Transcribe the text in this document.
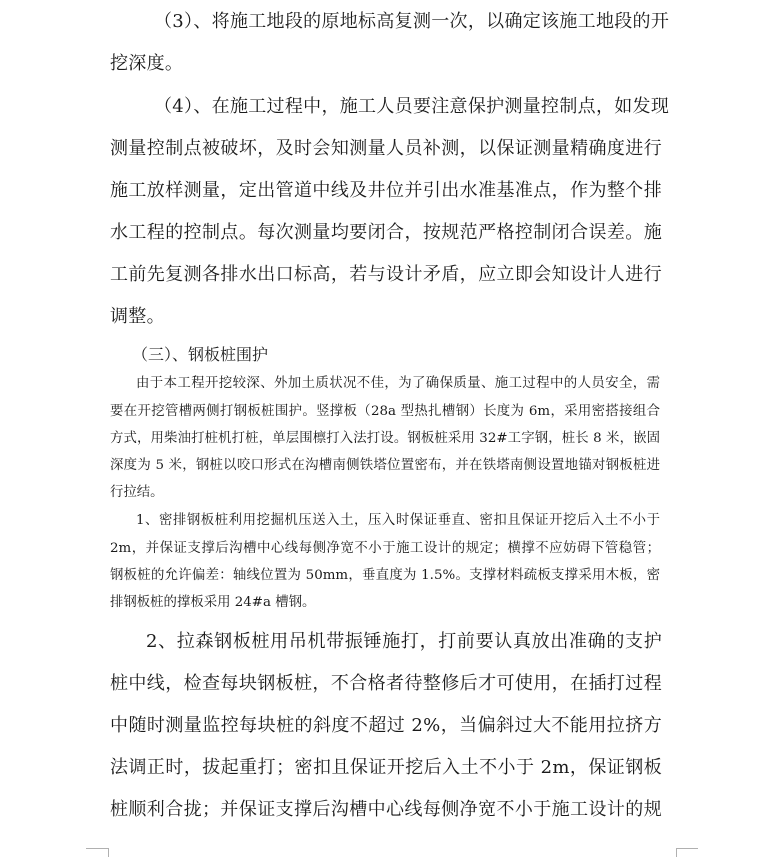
（3）、将施工地段的原地标高复测一次，以确定该施工地段的开

挖深度。

（4）、在施工过程中，施工人员要注意保护测量控制点，如发现

测量控制点被破坏，及时会知测量人员补测，以保证测量精确度进行

施工放样测量，定出管道中线及井位并引出水准基准点，作为整个排

水工程的控制点。每次测量均要闭合，按规范严格控制闭合误差。施

工前先复测各排水出口标高，若与设计矛盾，应立即会知设计人进行

调整。

（三）、钢板桩围护

由于本工程开挖较深、外加土质状况不佳，为了确保质量、施工过程中的人员安全，需

要在开挖管槽两侧打钢板桩围护。竖撑板（28a 型热扎槽钢）长度为 6m，采用密搭接组合

方式，用柴油打桩机打桩，单层围檩打入法打设。钢板桩采用 32#工字钢，桩长 8 米，嵌固

深度为 5 米，钢桩以咬口形式在沟槽南侧铁塔位置密布，并在铁塔南侧设置地锚对钢板桩进

行拉结。

1、密排钢板桩利用挖掘机压送入土，压入时保证垂直、密扣且保证开挖后入土不小于

2m，并保证支撑后沟槽中心线每侧净宽不小于施工设计的规定；横撑不应妨碍下管稳管；

钢板桩的允许偏差：轴线位置为 50mm，垂直度为 1.5%。支撑材料疏板支撑采用木板，密

排钢板桩的撑板采用 24#a 槽钢。

2、拉森钢板桩用吊机带振锤施打，打前要认真放出准确的支护

桩中线，检查每块钢板桩，不合格者待整修后才可使用，在插打过程

中随时测量监控每块桩的斜度不超过 2%，当偏斜过大不能用拉挤方

法调正时，拔起重打；密扣且保证开挖后入土不小于 2m，保证钢板

桩顺利合拢；并保证支撑后沟槽中心线每侧净宽不小于施工设计的规
